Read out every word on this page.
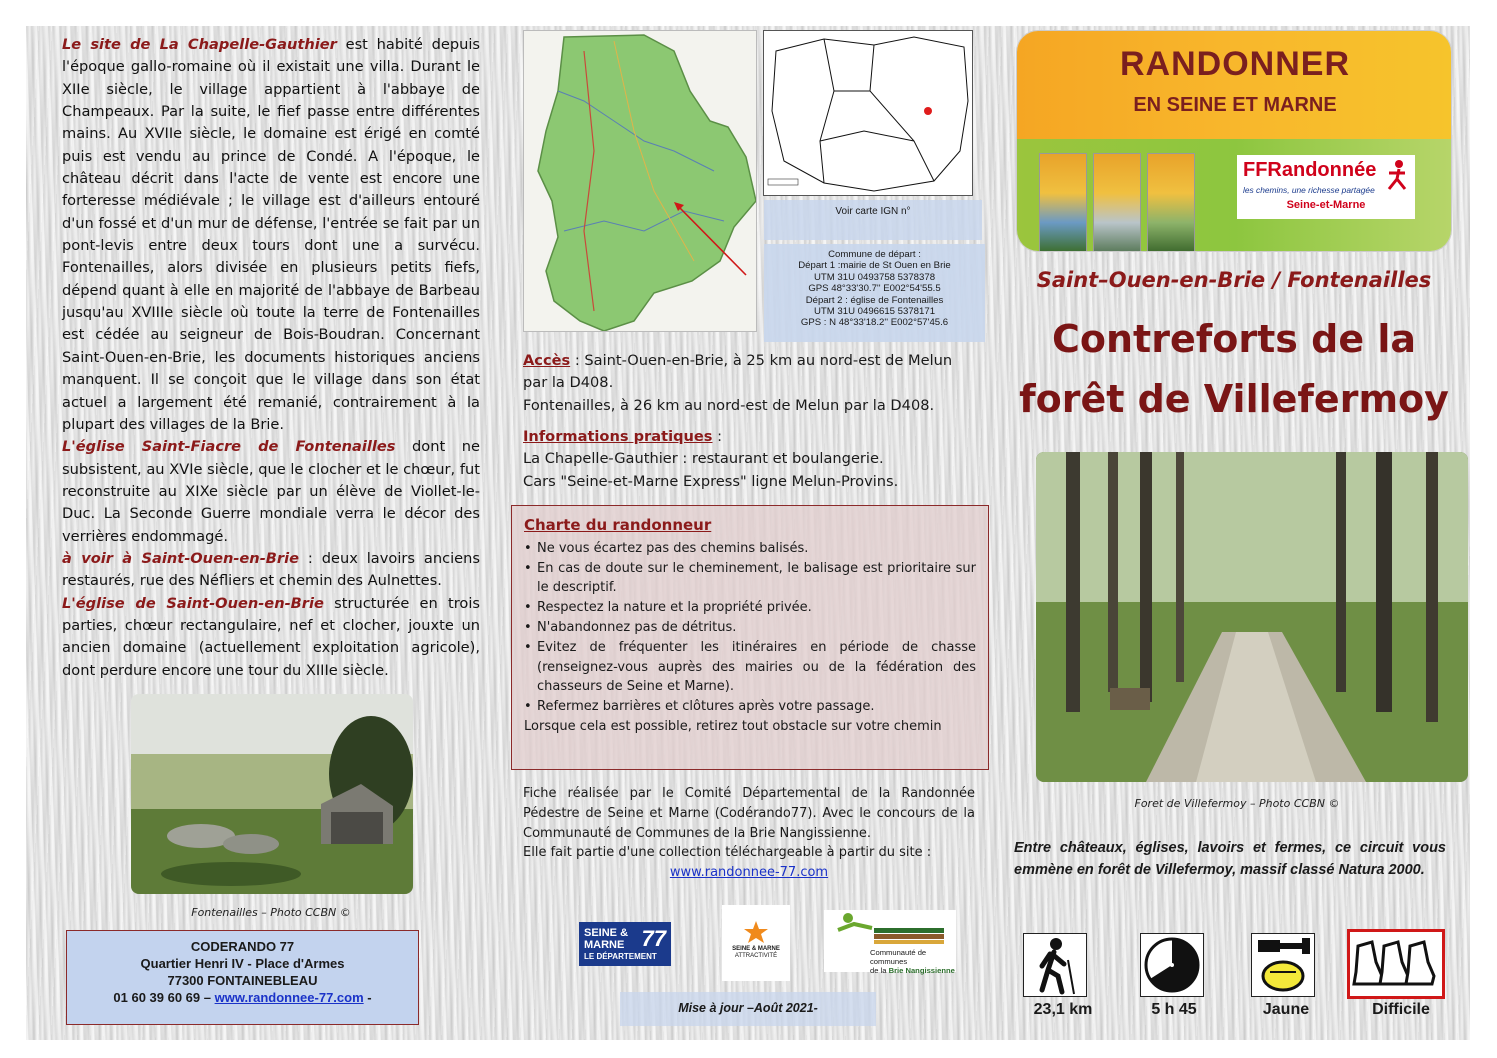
Le site de La Chapelle-Gauthier est habité depuis l'époque gallo-romaine où il existait une villa. Durant le XIIe siècle, le village appartient à l'abbaye de Champeaux. Par la suite, le fief passe entre différentes mains. Au XVIIe siècle, le domaine est érigé en comté puis est vendu au prince de Condé. A l'époque, le château décrit dans l'acte de vente est encore une forteresse médiévale ; le village est d'ailleurs entouré d'un fossé et d'un mur de défense, l'entrée se fait par un pont-levis entre deux tours dont une a survécu. Fontenailles, alors divisée en plusieurs petits fiefs, dépend quant à elle en majorité de l'abbaye de Barbeau jusqu'au XVIIIe siècle où toute la terre de Fontenailles est cédée au seigneur de Bois-Boudran. Concernant Saint-Ouen-en-Brie, les documents historiques anciens manquent. Il se conçoit que le village dans son état actuel a largement été remanié, contrairement à la plupart des villages de la Brie.
L'église Saint-Fiacre de Fontenailles dont ne subsistent, au XVIe siècle, que le clocher et le chœur, fut reconstruite au XIXe siècle par un élève de Viollet-le-Duc. La Seconde Guerre mondiale verra le décor des verrières endommagé.
à voir à Saint-Ouen-en-Brie : deux lavoirs anciens restaurés, rue des Néfliers et chemin des Aulnettes.
L'église de Saint-Ouen-en-Brie structurée en trois parties, chœur rectangulaire, nef et clocher, jouxte un ancien domaine (actuellement exploitation agricole), dont perdure encore une tour du XIIIe siècle.
Fontenailles – Photo CCBN ©
CODERANDO 77
Quartier Henri IV - Place d'Armes
77300 FONTAINEBLEAU
01 60 39 60 69 – www.randonnee-77.com -
Voir carte IGN n°
Commune de départ :
Départ 1 :mairie de St Ouen en Brie
UTM 31U 0493758 5378378
GPS 48°33'30.7'' E002°54'55.5
Départ 2 : église de Fontenailles
UTM 31U 0496615 5378171
GPS : N 48°33'18.2'' E002°57'45.6
Accès : Saint-Ouen-en-Brie, à 25 km au nord-est de Melun par la D408.
Fontenailles, à 26 km au nord-est de Melun par la D408.
Informations pratiques :
La Chapelle-Gauthier : restaurant et boulangerie.
Cars "Seine-et-Marne Express" ligne Melun-Provins.
Charte du randonneur
• Ne vous écartez pas des chemins balisés.
• En cas de doute sur le cheminement, le balisage est prioritaire sur le descriptif.
• Respectez la nature et la propriété privée.
• N'abandonnez pas de détritus.
• Evitez de fréquenter les itinéraires en période de chasse (renseignez-vous auprès des mairies ou de la fédération des chasseurs de Seine et Marne).
• Refermez barrières et clôtures après votre passage.
Lorsque cela est possible, retirez tout obstacle sur votre chemin
Fiche réalisée par le Comité Départemental de la Randonnée Pédestre de Seine et Marne (Codérando77). Avec le concours de la Communauté de Communes de la Brie Nangissienne.
Elle fait partie d'une collection téléchargeable à partir du site :
www.randonnee-77.com
SEINE & MARNE
LE DÉPARTEMENT
77	SEINE & MARNE
ATTRACTIVITÉ	Communauté de communes
de la Brie Nangissienne
Mise à jour –Août 2021-
RANDONNER
EN SEINE ET MARNE
FFRandonnée
les chemins, une richesse partagée
Seine-et-Marne
Saint–Ouen-en-Brie / Fontenailles
Contreforts de la
forêt de Villefermoy
Foret de Villefermoy – Photo CCBN ©
Entre châteaux, églises, lavoirs et fermes, ce circuit vous emmène en forêt de Villefermoy, massif classé Natura 2000.
23,1 km	5 h 45	Jaune	Difficile
